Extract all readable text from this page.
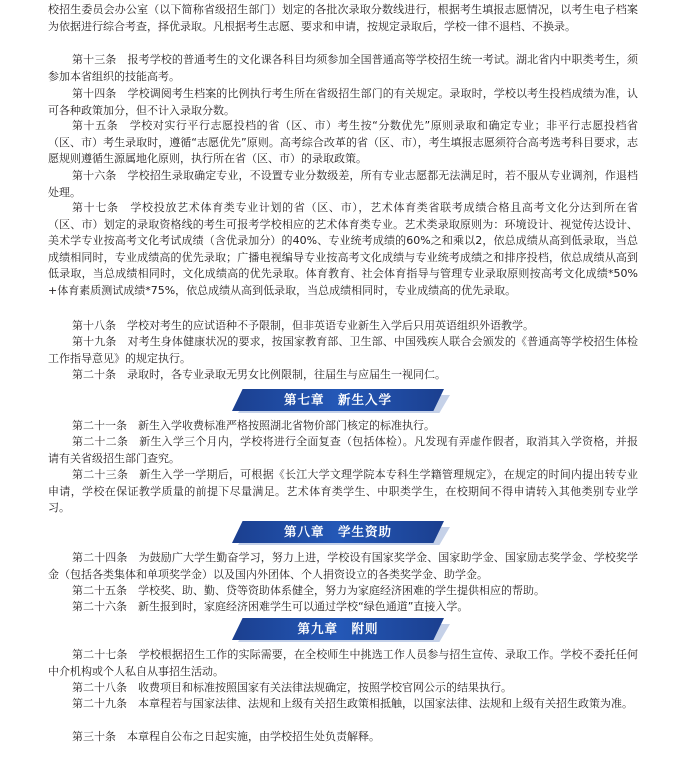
校招生委员会办公室（以下简称省级招生部门）划定的各批次录取分数线进行，根据考生填报志愿情况，以考生电子档案为依据进行综合考查，择优录取。凡根据考生志愿、要求和申请，按规定录取后，学校一律不退档、不换录。

第十三条　报考学校的普通考生的文化课各科目均须参加全国普通高等学校招生统一考试。湖北省内中职类考生，须参加本省组织的技能高考。

第十四条　学校调阅考生档案的比例执行考生所在省级招生部门的有关规定。录取时，学校以考生投档成绩为准，认可各种政策加分，但不计入录取分数。

第十五条　学校对实行平行志愿投档的省（区、市）考生按“分数优先”原则录取和确定专业；非平行志愿投档省（区、市）考生录取时，遵循“志愿优先”原则。高考综合改革的省（区、市），考生填报志愿须符合高考选考科目要求，志愿规则遵循生源属地化原则，执行所在省（区、市）的录取政策。

第十六条　学校招生录取确定专业，不设置专业分数级差，所有专业志愿都无法满足时，若不服从专业调剂，作退档处理。

第十七条　学校投放艺术体育类专业计划的省（区、市），艺术体育类省联考成绩合格且高考文化分达到所在省（区、市）划定的录取资格线的考生可报考学校相应的艺术体育类专业。艺术类录取原则为：环境设计、视觉传达设计、美术学专业按高考文化考试成绩（含优录加分）的40%、专业统考成绩的60%之和乘以2，依总成绩从高到低录取，当总成绩相同时，专业成绩高的优先录取；广播电视编导专业按高考文化成绩与专业统考成绩之和排序投档，依总成绩从高到低录取，当总成绩相同时，文化成绩高的优先录取。体育教育、社会体育指导与管理专业录取原则按高考文化成绩*50%+体育素质测试成绩*75%，依总成绩从高到低录取，当总成绩相同时，专业成绩高的优先录取。

第十八条　学校对考生的应试语种不予限制，但非英语专业新生入学后只用英语组织外语教学。

第十九条　对考生身体健康状况的要求，按国家教育部、卫生部、中国残疾人联合会颁发的《普通高等学校招生体检工作指导意见》的规定执行。

第二十条　录取时，各专业录取无男女比例限制，往届生与应届生一视同仁。

第七章　新生入学

第二十一条　新生入学收费标准严格按照湖北省物价部门核定的标准执行。

第二十二条　新生入学三个月内，学校将进行全面复查（包括体检）。凡发现有弄虚作假者，取消其入学资格，并报请有关省级招生部门查究。

第二十三条　新生入学一学期后，可根据《长江大学文理学院本专科生学籍管理规定》，在规定的时间内提出转专业申请，学校在保证教学质量的前提下尽量满足。艺术体育类学生、中职类学生，在校期间不得申请转入其他类别专业学习。

第八章　学生资助

第二十四条　为鼓励广大学生勤奋学习，努力上进，学校设有国家奖学金、国家助学金、国家励志奖学金、学校奖学金（包括各类集体和单项奖学金）以及国内外团体、个人捐资设立的各类奖学金、助学金。

第二十五条　学校奖、助、勤、贷等资助体系健全，努力为家庭经济困难的学生提供相应的帮助。

第二十六条　新生报到时，家庭经济困难学生可以通过学校“绿色通道”直接入学。

第九章　附则

第二十七条　学校根据招生工作的实际需要，在全校师生中挑选工作人员参与招生宣传、录取工作。学校不委托任何中介机构或个人私自从事招生活动。

第二十八条　收费项目和标准按照国家有关法律法规确定，按照学校官网公示的结果执行。

第二十九条　本章程若与国家法律、法规和上级有关招生政策相抵触，以国家法律、法规和上级有关招生政策为准。

第三十条　本章程自公布之日起实施，由学校招生处负责解释。
